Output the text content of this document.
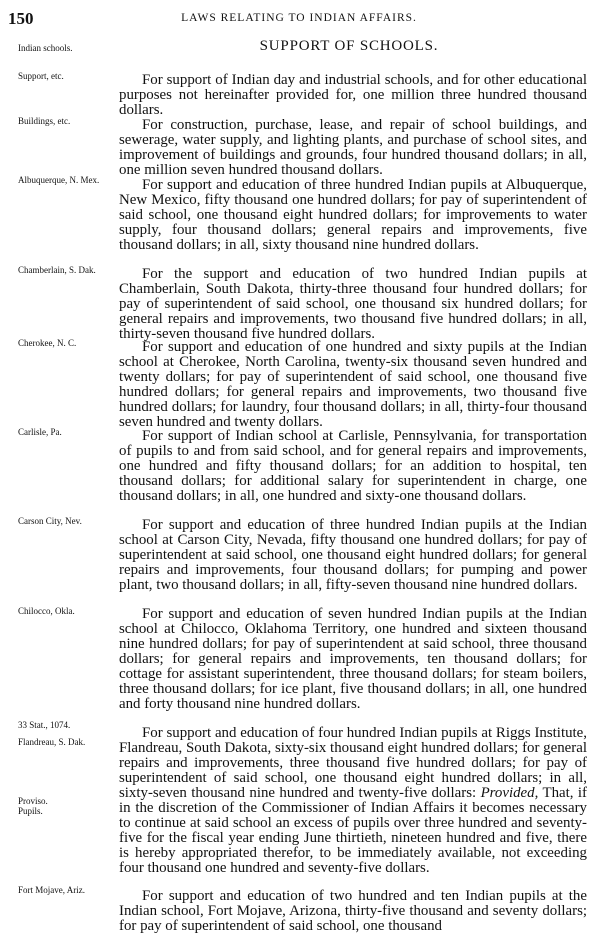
150	LAWS RELATING TO INDIAN AFFAIRS.
SUPPORT OF SCHOOLS.
Indian schools.
Support, etc.
Buildings, etc.
Albuquerque, N. Mex.
Chamberlain, S. Dak.
Cherokee, N. C.
Carlisle, Pa.
Carson City, Nev.
Chilocco, Okla.
33 Stat., 1074.
Flandreau, S. Dak.
Proviso.
Pupils.
Fort Mojave, Ariz.

For support of Indian day and industrial schools, and for other educational purposes not hereinafter provided for, one million three hundred thousand dollars.

For construction, purchase, lease, and repair of school buildings, and sewerage, water supply, and lighting plants, and purchase of school sites, and improvement of buildings and grounds, four hundred thousand dollars; in all, one million seven hundred thousand dollars.

For support and education of three hundred Indian pupils at Albuquerque, New Mexico, fifty thousand one hundred dollars; for pay of superintendent of said school, one thousand eight hundred dollars; for improvements to water supply, four thousand dollars; general repairs and improvements, five thousand dollars; in all, sixty thousand nine hundred dollars.

For the support and education of two hundred Indian pupils at Chamberlain, South Dakota, thirty-three thousand four hundred dollars; for pay of superintendent of said school, one thousand six hundred dollars; for general repairs and improvements, two thousand five hundred dollars; in all, thirty-seven thousand five hundred dollars.

For support and education of one hundred and sixty pupils at the Indian school at Cherokee, North Carolina, twenty-six thousand seven hundred and twenty dollars; for pay of superintendent of said school, one thousand five hundred dollars; for general repairs and improvements, two thousand five hundred dollars; for laundry, four thousand dollars; in all, thirty-four thousand seven hundred and twenty dollars.

For support of Indian school at Carlisle, Pennsylvania, for transportation of pupils to and from said school, and for general repairs and improvements, one hundred and fifty thousand dollars; for an addition to hospital, ten thousand dollars; for additional salary for superintendent in charge, one thousand dollars; in all, one hundred and sixty-one thousand dollars.

For support and education of three hundred Indian pupils at the Indian school at Carson City, Nevada, fifty thousand one hundred dollars; for pay of superintendent at said school, one thousand eight hundred dollars; for general repairs and improvements, four thousand dollars; for pumping and power plant, two thousand dollars; in all, fifty-seven thousand nine hundred dollars.

For support and education of seven hundred Indian pupils at the Indian school at Chilocco, Oklahoma Territory, one hundred and sixteen thousand nine hundred dollars; for pay of superintendent at said school, three thousand dollars; for general repairs and improvements, ten thousand dollars; for cottage for assistant superintendent, three thousand dollars; for steam boilers, three thousand dollars; for ice plant, five thousand dollars; in all, one hundred and forty thousand nine hundred dollars.

For support and education of four hundred Indian pupils at Riggs Institute, Flandreau, South Dakota, sixty-six thousand eight hundred dollars; for general repairs and improvements, three thousand five hundred dollars; for pay of superintendent of said school, one thousand eight hundred dollars; in all, sixty-seven thousand nine hundred and twenty-five dollars: Provided, That, if in the discretion of the Commissioner of Indian Affairs it becomes necessary to continue at said school an excess of pupils over three hundred and seventy-five for the fiscal year ending June thirtieth, nineteen hundred and five, there is hereby appropriated therefor, to be immediately available, not exceeding four thousand one hundred and seventy-five dollars.

For support and education of two hundred and ten Indian pupils at the Indian school, Fort Mojave, Arizona, thirty-five thousand and seventy dollars; for pay of superintendent of said school, one thousand
